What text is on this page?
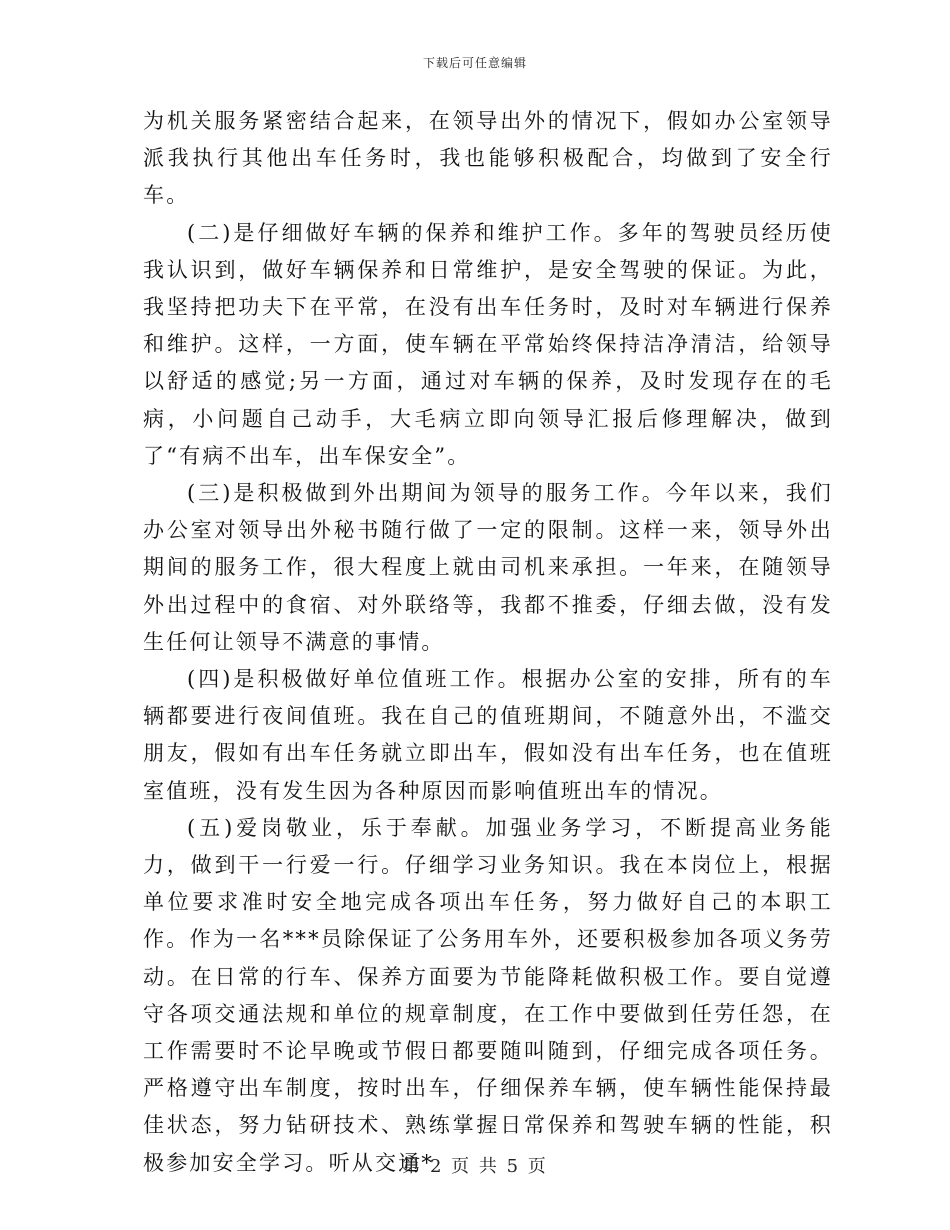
下载后可任意编辑

为机关服务紧密结合起来，在领导出外的情况下，假如办公室领导派我执行其他出车任务时，我也能够积极配合，均做到了安全行车。

(二)是仔细做好车辆的保养和维护工作。多年的驾驶员经历使我认识到，做好车辆保养和日常维护，是安全驾驶的保证。为此，我坚持把功夫下在平常，在没有出车任务时，及时对车辆进行保养和维护。这样，一方面，使车辆在平常始终保持洁净清洁，给领导以舒适的感觉;另一方面，通过对车辆的保养，及时发现存在的毛病，小问题自己动手，大毛病立即向领导汇报后修理解决，做到了“有病不出车，出车保安全”。

(三)是积极做到外出期间为领导的服务工作。今年以来，我们办公室对领导出外秘书随行做了一定的限制。这样一来，领导外出期间的服务工作，很大程度上就由司机来承担。一年来，在随领导外出过程中的食宿、对外联络等，我都不推委，仔细去做，没有发生任何让领导不满意的事情。

(四)是积极做好单位值班工作。根据办公室的安排，所有的车辆都要进行夜间值班。我在自己的值班期间，不随意外出，不滥交朋友，假如有出车任务就立即出车，假如没有出车任务，也在值班室值班，没有发生因为各种原因而影响值班出车的情况。

(五)爱岗敬业，乐于奉献。加强业务学习，不断提高业务能力，做到干一行爱一行。仔细学习业务知识。我在本岗位上，根据单位要求准时安全地完成各项出车任务，努力做好自己的本职工作。作为一名***员除保证了公务用车外，还要积极参加各项义务劳动。在日常的行车、保养方面要为节能降耗做积极工作。要自觉遵守各项交通法规和单位的规章制度，在工作中要做到任劳任怨，在工作需要时不论早晚或节假日都要随叫随到，仔细完成各项任务。严格遵守出车制度，按时出车，仔细保养车辆，使车辆性能保持最佳状态，努力钻研技术、熟练掌握日常保养和驾驶车辆的性能，积极参加安全学习。听从交通*

第 2 页 共 5 页
